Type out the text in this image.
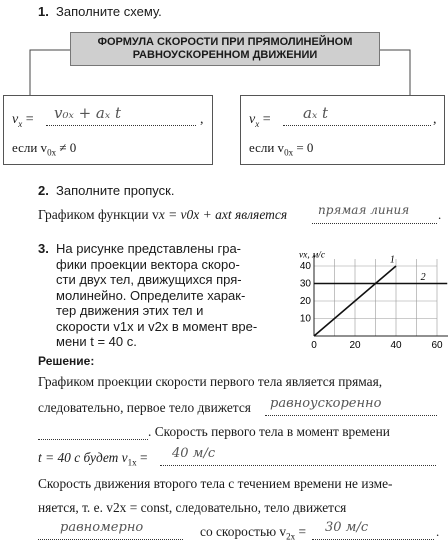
1. Заполните схему.
ФОРМУЛА СКОРОСТИ ПРИ ПРЯМОЛИНЕЙНОМ
РАВНОУСКОРЕННОМ ДВИЖЕНИИ
$v_x = v_{0x} + a_x$ t	,
если $v_{0x} \ne 0$
$v_x = a_x$ t	,
если $v_{0x} = 0$
2. Заполните пропуск.
Графиком функции vx = v0x + axt является	прямая линия .
3. На рисунке представлены гра-
фики проекции вектора скоро-
сти двух тел, движущихся пря-
молинейно. Определите харак-
тер движения этих тел и
скорости v1x и v2x в момент вре-
мени t = 40 с.	0	20	40	60
10
20
30
40
vx, м/с	1
2
Решение:
Графиком проекции скорости первого тела является прямая,
следовательно, первое тело движется равноускоренно
. Скорость первого тела в момент времени
t = 40 с будет $v_{1x} = 40$ м/с
Скорость движения второго тела с течением времени не изме-
няется, т. е. v2x = const, следовательно, тело движется
равномерно	со скоростью $v_{2x} = 30$ м/с	.
